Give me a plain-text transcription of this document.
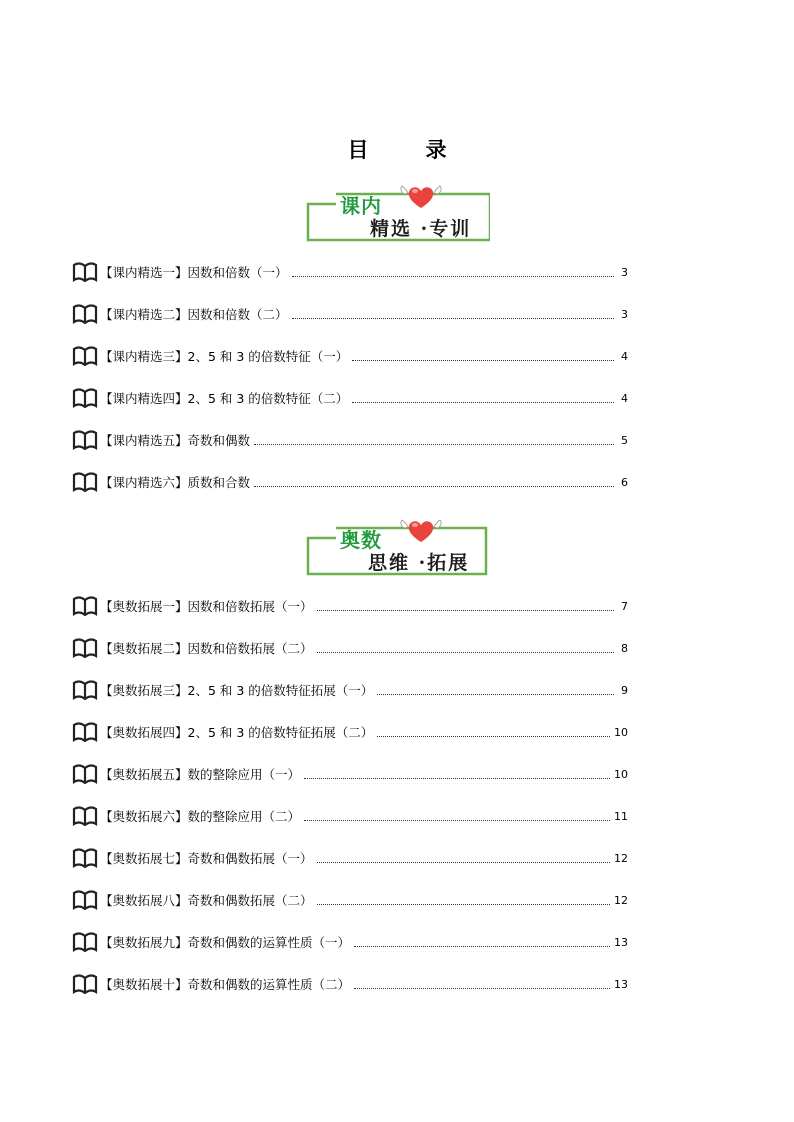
目　录
课内
精选 ·专训
【课内精选一】因数和倍数（一）	3
【课内精选二】因数和倍数（二）	3
【课内精选三】2、5 和 3 的倍数特征（一）	4
【课内精选四】2、5 和 3 的倍数特征（二）	4
【课内精选五】奇数和偶数	5
【课内精选六】质数和合数	6
奥数
思维 ·拓展
【奥数拓展一】因数和倍数拓展（一）	7
【奥数拓展二】因数和倍数拓展（二）	8
【奥数拓展三】2、5 和 3 的倍数特征拓展（一）	9
【奥数拓展四】2、5 和 3 的倍数特征拓展（二）	10
【奥数拓展五】数的整除应用（一）	10
【奥数拓展六】数的整除应用（二）	11
【奥数拓展七】奇数和偶数拓展（一）	12
【奥数拓展八】奇数和偶数拓展（二）	12
【奥数拓展九】奇数和偶数的运算性质（一）	13
【奥数拓展十】奇数和偶数的运算性质（二）	13
